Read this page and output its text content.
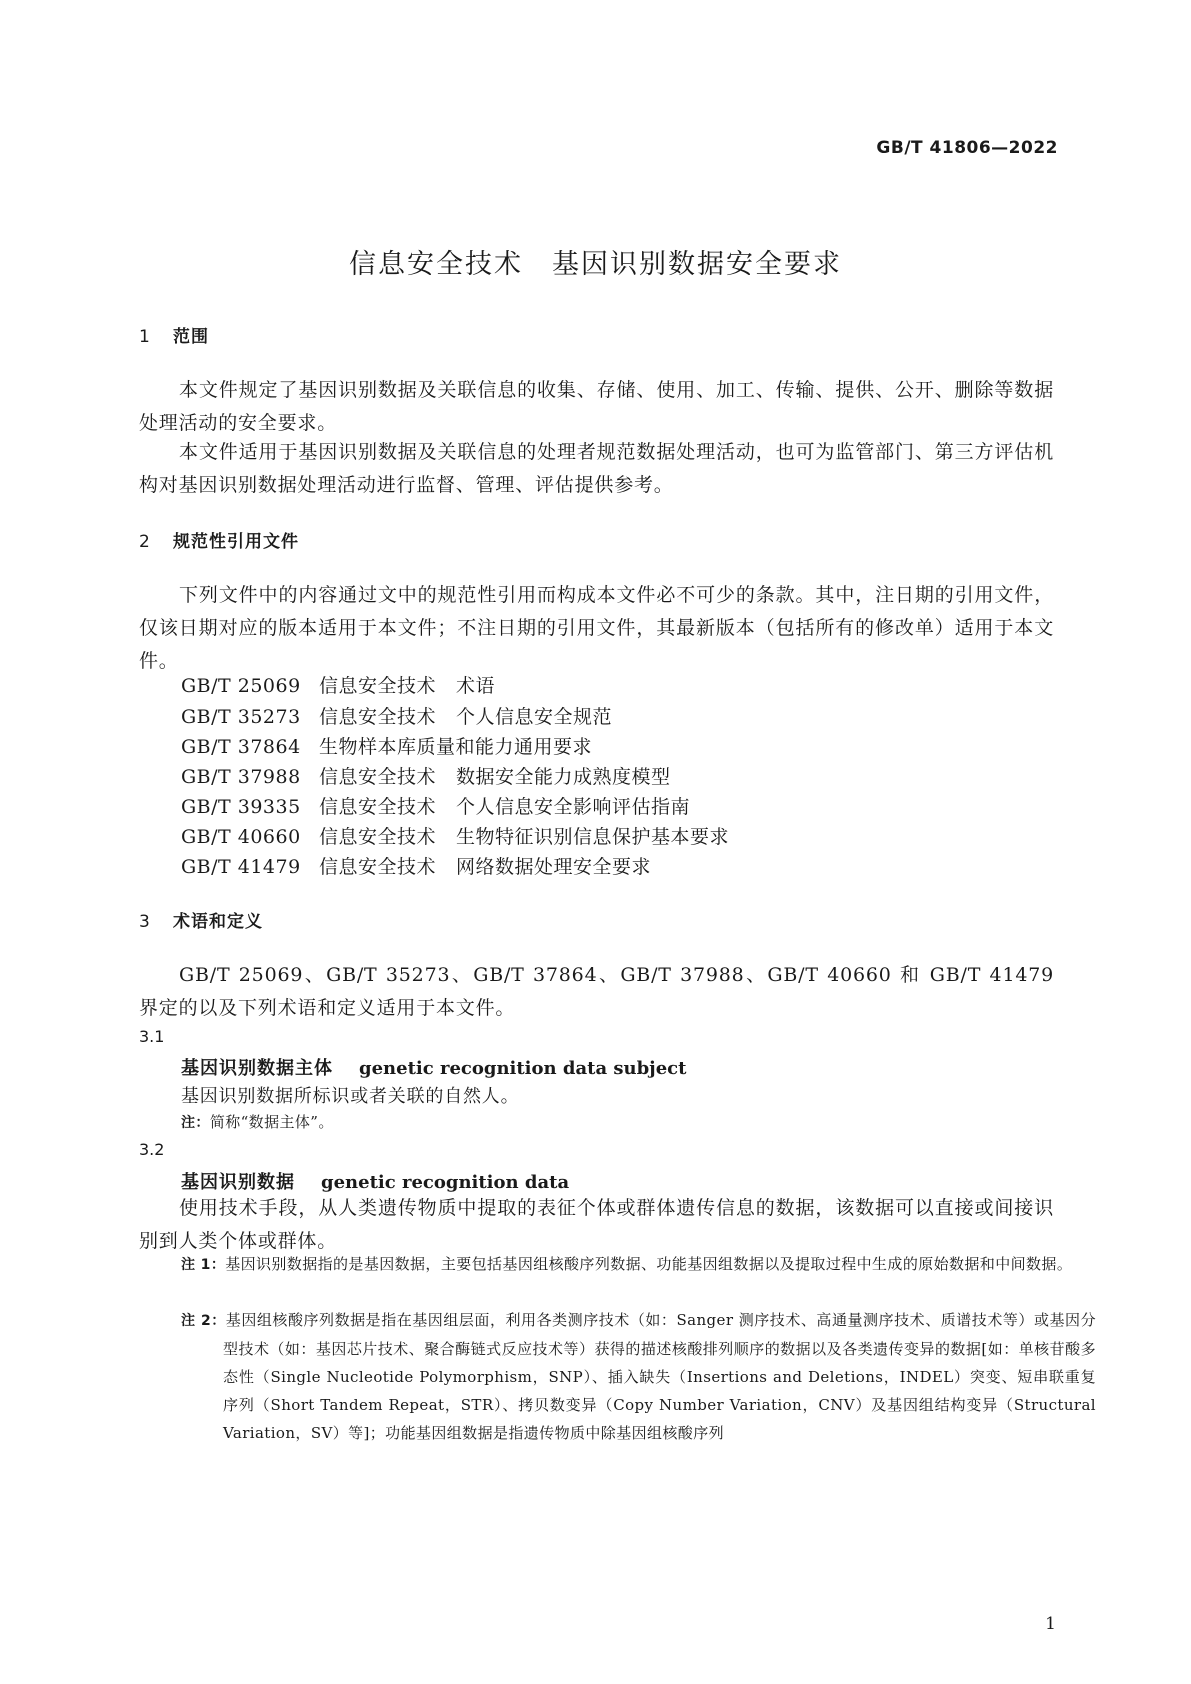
GB/T 41806—2022
信息安全技术　基因识别数据安全要求
1 范围
本文件规定了基因识别数据及关联信息的收集、存储、使用、加工、传输、提供、公开、删除等数据处理活动的安全要求。
本文件适用于基因识别数据及关联信息的处理者规范数据处理活动，也可为监管部门、第三方评估机构对基因识别数据处理活动进行监督、管理、评估提供参考。
2 规范性引用文件
下列文件中的内容通过文中的规范性引用而构成本文件必不可少的条款。其中，注日期的引用文件，仅该日期对应的版本适用于本文件；不注日期的引用文件，其最新版本（包括所有的修改单）适用于本文件。
GB/T 25069 信息安全技术 术语
GB/T 35273 信息安全技术 个人信息安全规范
GB/T 37864 生物样本库质量和能力通用要求
GB/T 37988 信息安全技术 数据安全能力成熟度模型
GB/T 39335 信息安全技术 个人信息安全影响评估指南
GB/T 40660 信息安全技术 生物特征识别信息保护基本要求
GB/T 41479 信息安全技术 网络数据处理安全要求
3 术语和定义
GB/T 25069、GB/T 35273、GB/T 37864、GB/T 37988、GB/T 40660 和 GB/T 41479 界定的以及下列术语和定义适用于本文件。
3.1
基因识别数据主体 genetic recognition data subject
基因识别数据所标识或者关联的自然人。
注：简称“数据主体”。
3.2
基因识别数据 genetic recognition data
使用技术手段，从人类遗传物质中提取的表征个体或群体遗传信息的数据，该数据可以直接或间接识别到人类个体或群体。
注 1：基因识别数据指的是基因数据，主要包括基因组核酸序列数据、功能基因组数据以及提取过程中生成的原始数据和中间数据。
注 2：基因组核酸序列数据是指在基因组层面，利用各类测序技术（如：Sanger 测序技术、高通量测序技术、质谱技术等）或基因分型技术（如：基因芯片技术、聚合酶链式反应技术等）获得的描述核酸排列顺序的数据以及各类遗传变异的数据[如：单核苷酸多态性（Single Nucleotide Polymorphism，SNP）、插入缺失（Insertions and Deletions，INDEL）突变、短串联重复序列（Short Tandem Repeat，STR）、拷贝数变异（Copy Number Variation，CNV）及基因组结构变异（Structural Variation，SV）等]；功能基因组数据是指遗传物质中除基因组核酸序列
1
